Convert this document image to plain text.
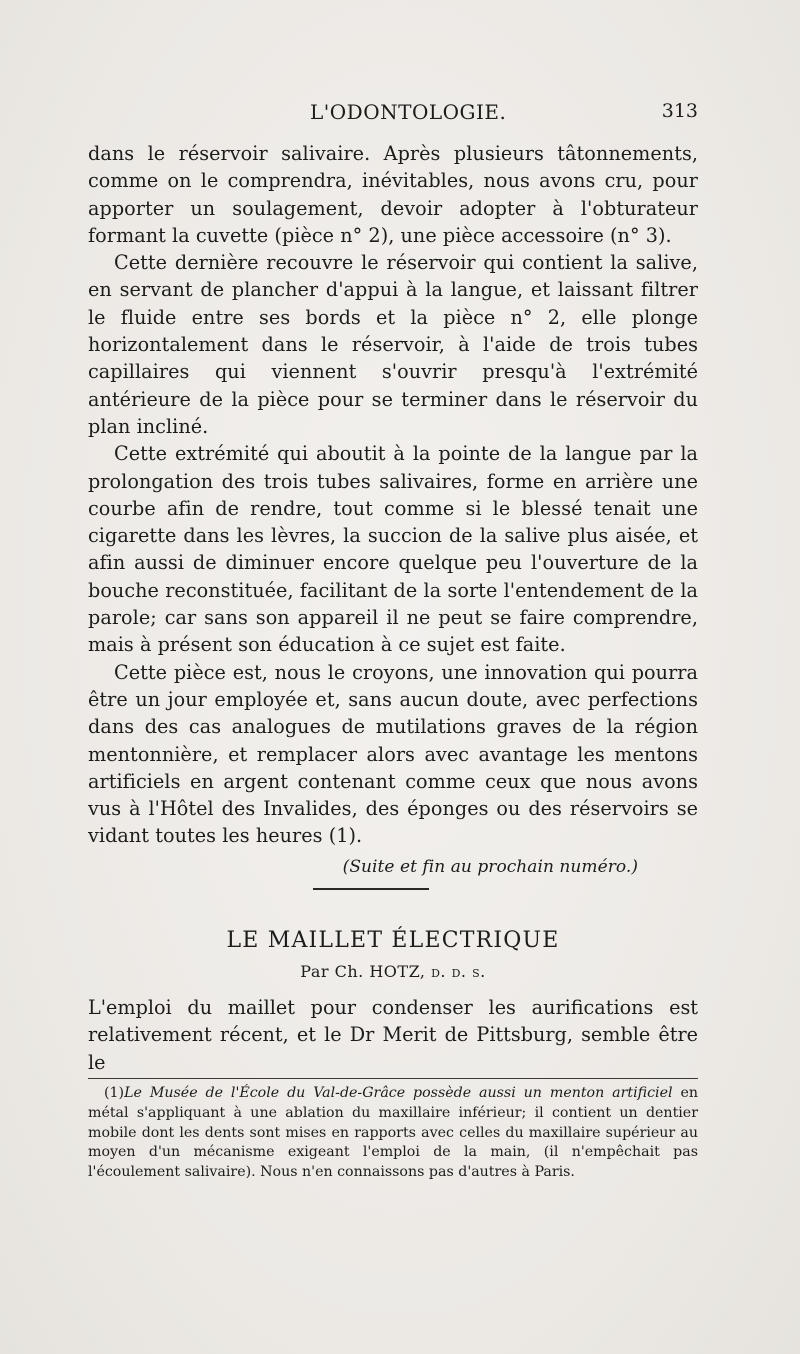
L'ODONTOLOGIE.	313

dans le réservoir salivaire. Après plusieurs tâtonnements, comme on le comprendra, inévitables, nous avons cru, pour apporter un soulagement, devoir adopter à l'obturateur formant la cuvette (pièce n° 2), une pièce accessoire (n° 3).

Cette dernière recouvre le réservoir qui contient la salive, en servant de plancher d'appui à la langue, et laissant filtrer le fluide entre ses bords et la pièce n° 2, elle plonge horizontalement dans le réservoir, à l'aide de trois tubes capillaires qui viennent s'ouvrir presqu'à l'extrémité antérieure de la pièce pour se terminer dans le réservoir du plan incliné.

Cette extrémité qui aboutit à la pointe de la langue par la prolongation des trois tubes salivaires, forme en arrière une courbe afin de rendre, tout comme si le blessé tenait une cigarette dans les lèvres, la succion de la salive plus aisée, et afin aussi de diminuer encore quelque peu l'ouverture de la bouche reconstituée, facilitant de la sorte l'entendement de la parole; car sans son appareil il ne peut se faire comprendre, mais à présent son éducation à ce sujet est faite.

Cette pièce est, nous le croyons, une innovation qui pourra être un jour employée et, sans aucun doute, avec perfections dans des cas analogues de mutilations graves de la région mentonnière, et remplacer alors avec avantage les mentons artificiels en argent contenant comme ceux que nous avons vus à l'Hôtel des Invalides, des éponges ou des réservoirs se vidant toutes les heures (1).

(Suite et fin au prochain numéro.)

LE MAILLET ÉLECTRIQUE
Par Ch. HOTZ, d. d. s.

L'emploi du maillet pour condenser les aurifications est relativement récent, et le Dr Merit de Pittsburg, semble être le

(1)Le Musée de l'École du Val-de-Grâce possède aussi un menton artificiel en métal s'appliquant à une ablation du maxillaire inférieur; il contient un dentier mobile dont les dents sont mises en rapports avec celles du maxillaire supérieur au moyen d'un mécanisme exigeant l'emploi de la main, (il n'empêchait pas l'écoulement salivaire). Nous n'en connaissons pas d'autres à Paris.
